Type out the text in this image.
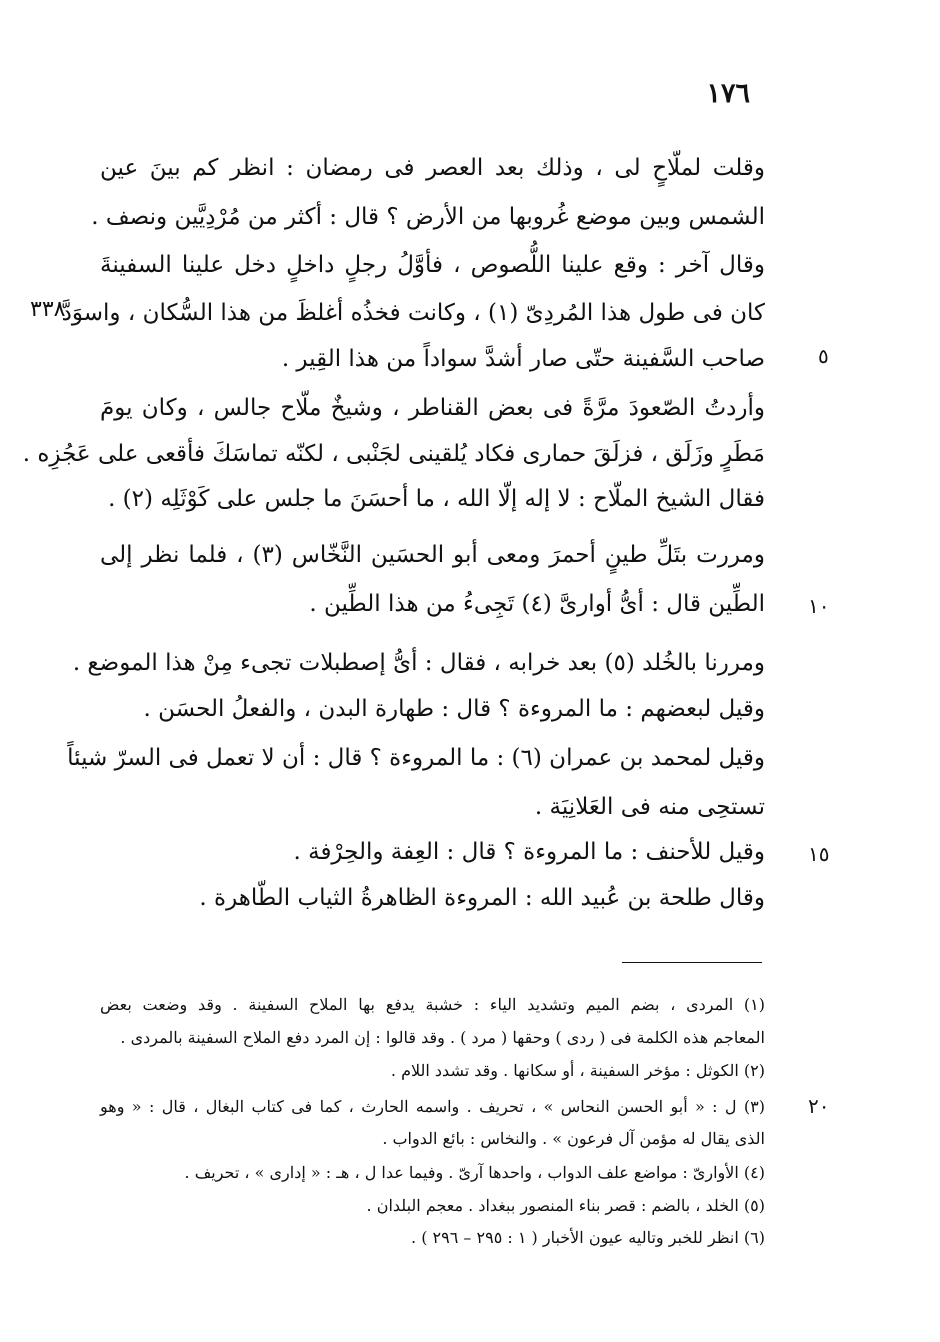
١٧٦
٣٣٨
٥
١٠
١٥
٢٠
وقلت لملّاحٍ لى ، وذلك بعد العصر فى رمضان : انظر كم بينَ عين
الشمس وبين موضع غُروبها من الأرض ؟ قال : أكثر من مُرْدِيَّين ونصف .
وقال آخر : وقع علينا اللُّصوص ، فأوَّلُ رجلٍ داخلٍ دخل علينا السفينةَ
كان فى طول هذا المُردِىّ (١) ، وكانت فخذُه أغلظَ من هذا السُّكان ، واسوَدَّ
صاحب السَّفينة حتّى صار أشدَّ سواداً من هذا القِير .
وأردتُ الصّعودَ مرَّةً فى بعض القناطر ، وشيخٌ ملّاح جالس ، وكان يومَ
مَطَرٍ وزَلَق ، فزلَقَ حمارى فكاد يُلقينى لجَنْبى ، لكنّه تماسَكَ فأقعى على عَجُزِه .
فقال الشيخ الملّاح : لا إله إلّا الله ، ما أحسَنَ ما جلس على كَوْثَلِه (٢) .
ومررت بتَلِّ طينٍ أحمرَ ومعى أبو الحسَين النَّخّاس (٣) ، فلما نظر إلى
الطِّين قال : أىُّ أوارىَّ (٤) تَجِىءُ من هذا الطِّين .
ومررنا بالخُلد (٥) بعد خرابه ، فقال : أىُّ إصطبلات تجىء مِنْ هذا الموضع .
وقيل لبعضهم : ما المروءة ؟ قال : طهارة البدن ، والفعلُ الحسَن .
وقيل لمحمد بن عمران (٦) : ما المروءة ؟ قال : أن لا تعمل فى السرّ شيئاً
تستحِى منه فى العَلانِيَة .
وقيل للأحنف : ما المروءة ؟ قال : العِفة والحِرْفة .
وقال طلحة بن عُبيد الله : المروءة الظاهرةُ الثياب الطّاهرة .
(١) المردى ، بضم الميم وتشديد الياء : خشبة يدفع بها الملاح السفينة . وقد وضعت بعض
المعاجم هذه الكلمة فى ( ردى ) وحقها ( مرد ) . وقد قالوا : إن المرد دفع الملاح السفينة بالمردى .
(٢) الكوثل : مؤخر السفينة ، أو سكانها . وقد تشدد اللام .
(٣) ل : « أبو الحسن النحاس » ، تحريف . واسمه الحارث ، كما فى كتاب البغال ، قال : « وهو
الذى يقال له مؤمن آل فرعون » . والنخاس : بائع الدواب .
(٤) الأوارىّ : مواضع علف الدواب ، واحدها آرىّ . وفيما عدا ل ، هـ : « إدارى » ، تحريف .
(٥) الخلد ، بالضم : قصر بناء المنصور ببغداد . معجم البلدان .
(٦) انظر للخبر وتاليه عيون الأخبار ( ١ : ٢٩٥ – ٢٩٦ ) .
